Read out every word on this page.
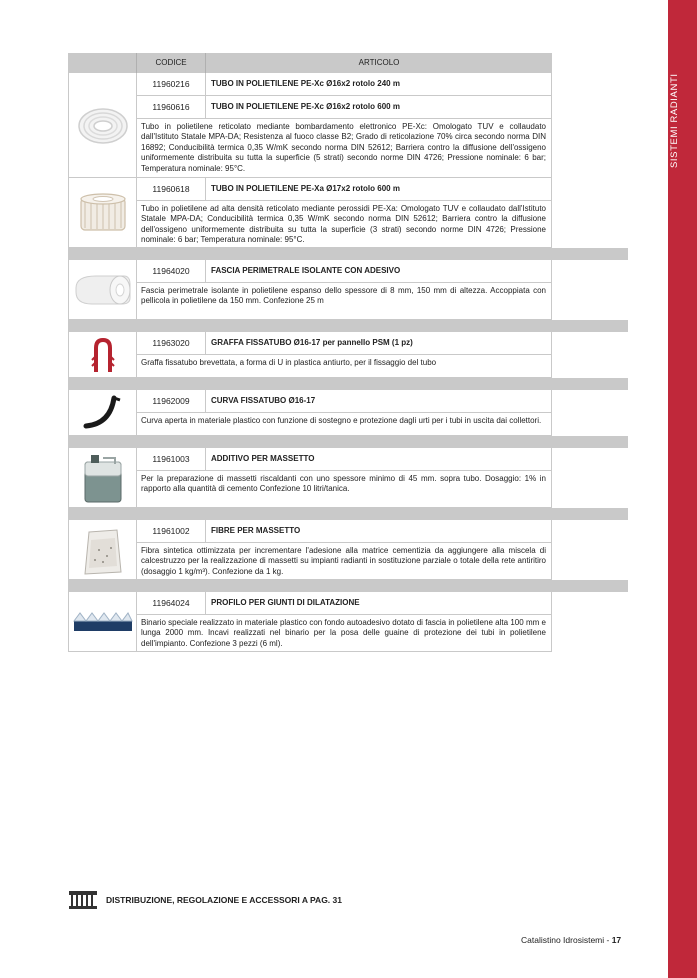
SISTEMI RADIANTI
CODICE	ARTICOLO
11960216	TUBO IN POLIETILENE PE-Xc Ø16x2 rotolo 240 m
11960616	TUBO IN POLIETILENE PE-Xc Ø16x2 rotolo 600 m
Tubo in polietilene reticolato mediante bombardamento elettronico PE-Xc: Omologato TUV e collaudato dall'Istituto Statale MPA-DA; Resistenza al fuoco classe B2; Grado di reticolazione 70% circa secondo norma DIN 16892; Conducibilità termica 0,35 W/mK secondo norma DIN 52612; Barriera contro la diffusione dell'ossigeno uniformemente distribuita su tutta la superficie (5 strati) secondo norme DIN 4726; Pressione nominale: 6 bar; Temperatura nominale: 95°C.
11960618	TUBO IN POLIETILENE PE-Xa Ø17x2 rotolo 600 m
Tubo in polietilene ad alta densità reticolato mediante perossidi PE-Xa: Omologato TUV e collaudato dall'Istituto Statale MPA-DA; Conducibilità termica 0,35 W/mK secondo norma DIN 52612; Barriera contro la diffusione dell'ossigeno uniformemente distribuita su tutta la superficie (3 strati) secondo norme DIN 4726; Pressione nominale: 6 bar; Temperatura nominale: 95°C.
11964020	FASCIA PERIMETRALE ISOLANTE CON ADESIVO
Fascia perimetrale isolante in polietilene espanso dello spessore di 8 mm, 150 mm di altezza. Accoppiata con pellicola in polietilene da 150 mm. Confezione 25 m
11963020	GRAFFA FISSATUBO Ø16-17 per pannello PSM (1 pz)
Graffa fissatubo brevettata, a forma di U in plastica antiurto, per il fissaggio del tubo
11962009	CURVA FISSATUBO Ø16-17
Curva aperta in materiale plastico con funzione di sostegno e protezione dagli urti per i tubi in uscita dai collettori.
11961003	ADDITIVO PER MASSETTO
Per la preparazione di massetti riscaldanti con uno spessore minimo di 45 mm. sopra tubo. Dosaggio: 1% in rapporto alla quantità di cemento Confezione 10 litri/tanica.
11961002	FIBRE PER MASSETTO
Fibra sintetica ottimizzata per incrementare l'adesione alla matrice cementizia da aggiungere alla miscela di calcestruzzo per la realizzazione di massetti su impianti radianti in sostituzione parziale o totale della rete antiritiro (dosaggio 1 kg/m³). Confezione da 1 kg.
11964024	PROFILO PER GIUNTI DI DILATAZIONE
Binario speciale realizzato in materiale plastico con fondo autoadesivo dotato di fascia in polietilene alta 100 mm e lunga 2000 mm. Incavi realizzati nel binario per la posa delle guaine di protezione dei tubi in polietilene dell'impianto. Confezione 3 pezzi (6 ml).
DISTRIBUZIONE, REGOLAZIONE E ACCESSORI A PAG. 31
Catalistino Idrosistemi - 17
